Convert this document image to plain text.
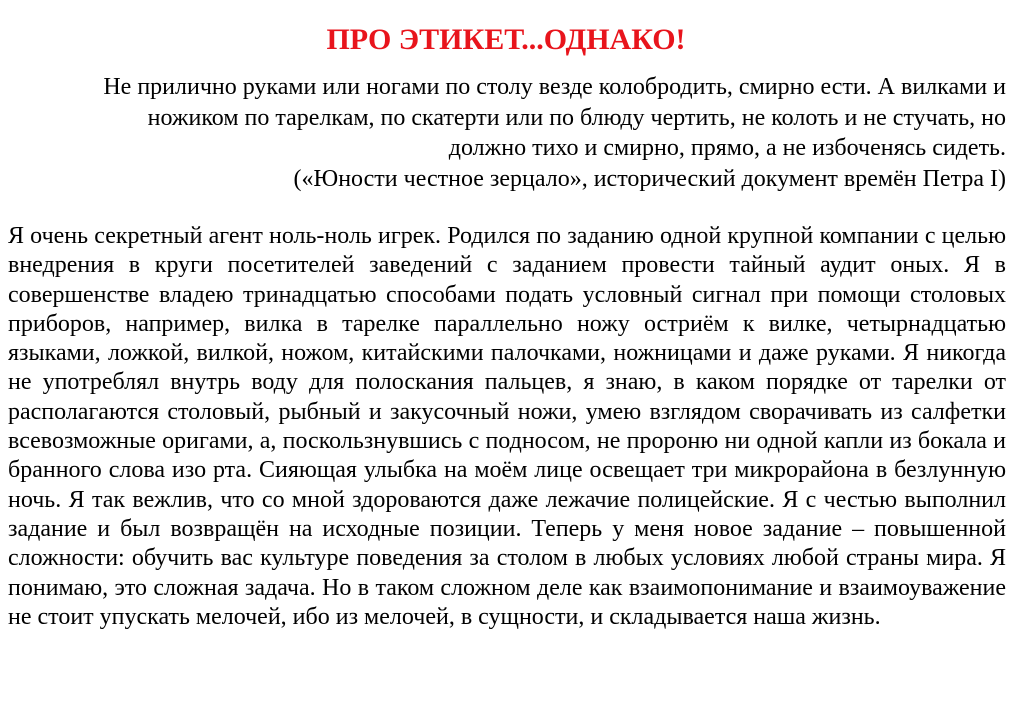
ПРО ЭТИКЕТ...ОДНАКО!
Не прилично руками или ногами по столу везде колобродить, смирно ести. А вилками и
ножиком по тарелкам, по скатерти или по блюду чертить, не колоть и не стучать, но
должно тихо и смирно, прямо, а не избоченясь сидеть.
(«Юности честное зерцало», исторический документ времён Петра I)

Я очень секретный агент ноль-ноль игрек. Родился по заданию одной крупной компании с целью внедрения в круги посетителей заведений с заданием провести тайный аудит оных. Я в совершенстве владею тринадцатью способами подать условный сигнал при помощи столовых приборов, например, вилка в тарелке параллельно ножу остриём к вилке, четырнадцатью языками, ложкой, вилкой, ножом, китайскими палочками, ножницами и даже руками. Я никогда не употреблял внутрь воду для полоскания пальцев, я знаю, в каком порядке от тарелки от располагаются столовый, рыбный и закусочный ножи, умею взглядом сворачивать из салфетки всевозможные оригами, а, поскользнувшись с подносом, не пророню ни одной капли из бокала и бранного слова изо рта. Сияющая улыбка на моём лице освещает три микрорайона в безлунную ночь. Я так вежлив, что со мной здороваются даже лежачие полицейские. Я с честью выполнил задание и был возвращён на исходные позиции. Теперь у меня новое задание – повышенной сложности: обучить вас культуре поведения за столом в любых условиях любой страны мира. Я понимаю, это сложная задача. Но в таком сложном деле как взаимопонимание и взаимоуважение не стоит упускать мелочей, ибо из мелочей, в сущности, и складывается наша жизнь.
